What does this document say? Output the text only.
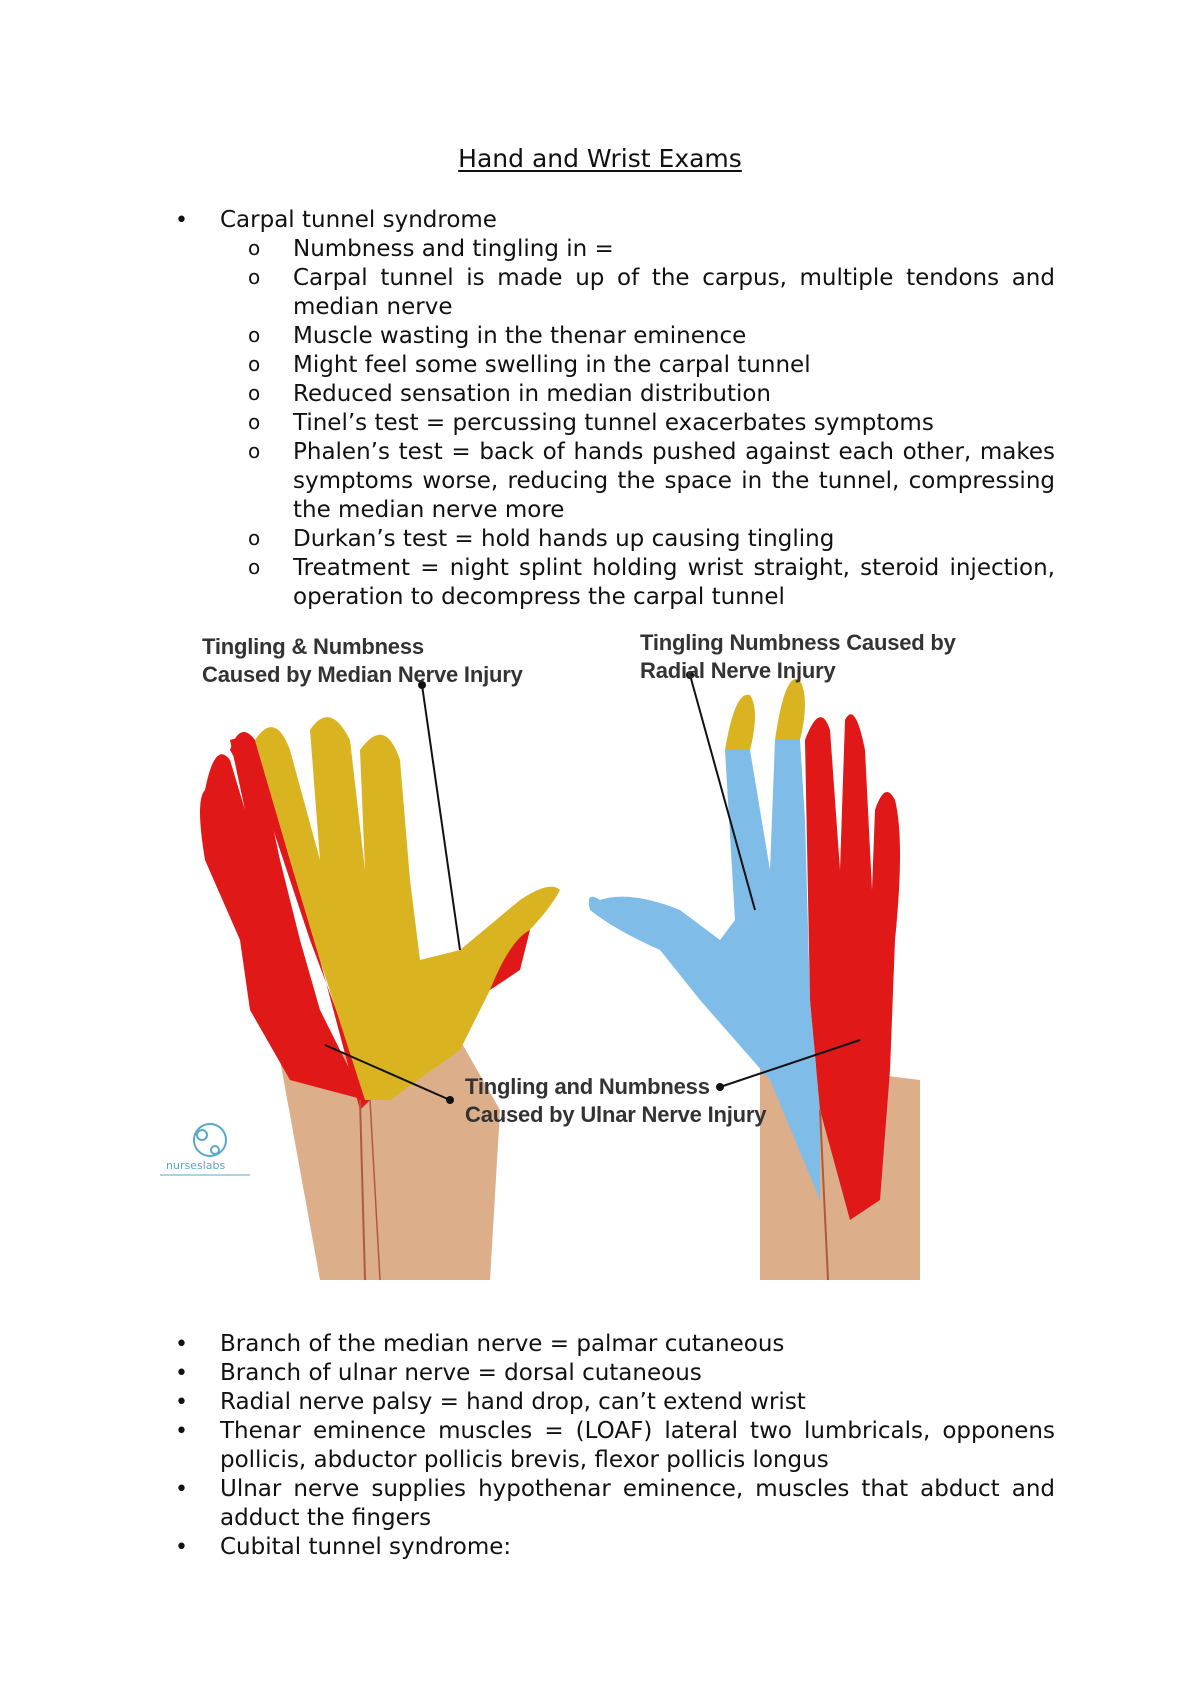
Hand and Wrist Exams
• Carpal tunnel syndrome
o Numbness and tingling in =
o Carpal tunnel is made up of the carpus, multiple tendons and median nerve
o Muscle wasting in the thenar eminence
o Might feel some swelling in the carpal tunnel
o Reduced sensation in median distribution
o Tinel’s test = percussing tunnel exacerbates symptoms
o Phalen’s test = back of hands pushed against each other, makes symptoms worse, reducing the space in the tunnel, compressing the median nerve more
o Durkan’s test = hold hands up causing tingling
o Treatment = night splint holding wrist straight, steroid injection, operation to decompress the carpal tunnel
Tingling & Numbness
Caused by Median Nerve Injury
Tingling Numbness Caused by
Radial Nerve Injury
Tingling and Numbness
Caused by Ulnar Nerve Injury
nurseslabs
• Branch of the median nerve = palmar cutaneous
• Branch of ulnar nerve = dorsal cutaneous
• Radial nerve palsy = hand drop, can’t extend wrist
• Thenar eminence muscles = (LOAF) lateral two lumbricals, opponens pollicis, abductor pollicis brevis, flexor pollicis longus
• Ulnar nerve supplies hypothenar eminence, muscles that abduct and adduct the fingers
• Cubital tunnel syndrome:
